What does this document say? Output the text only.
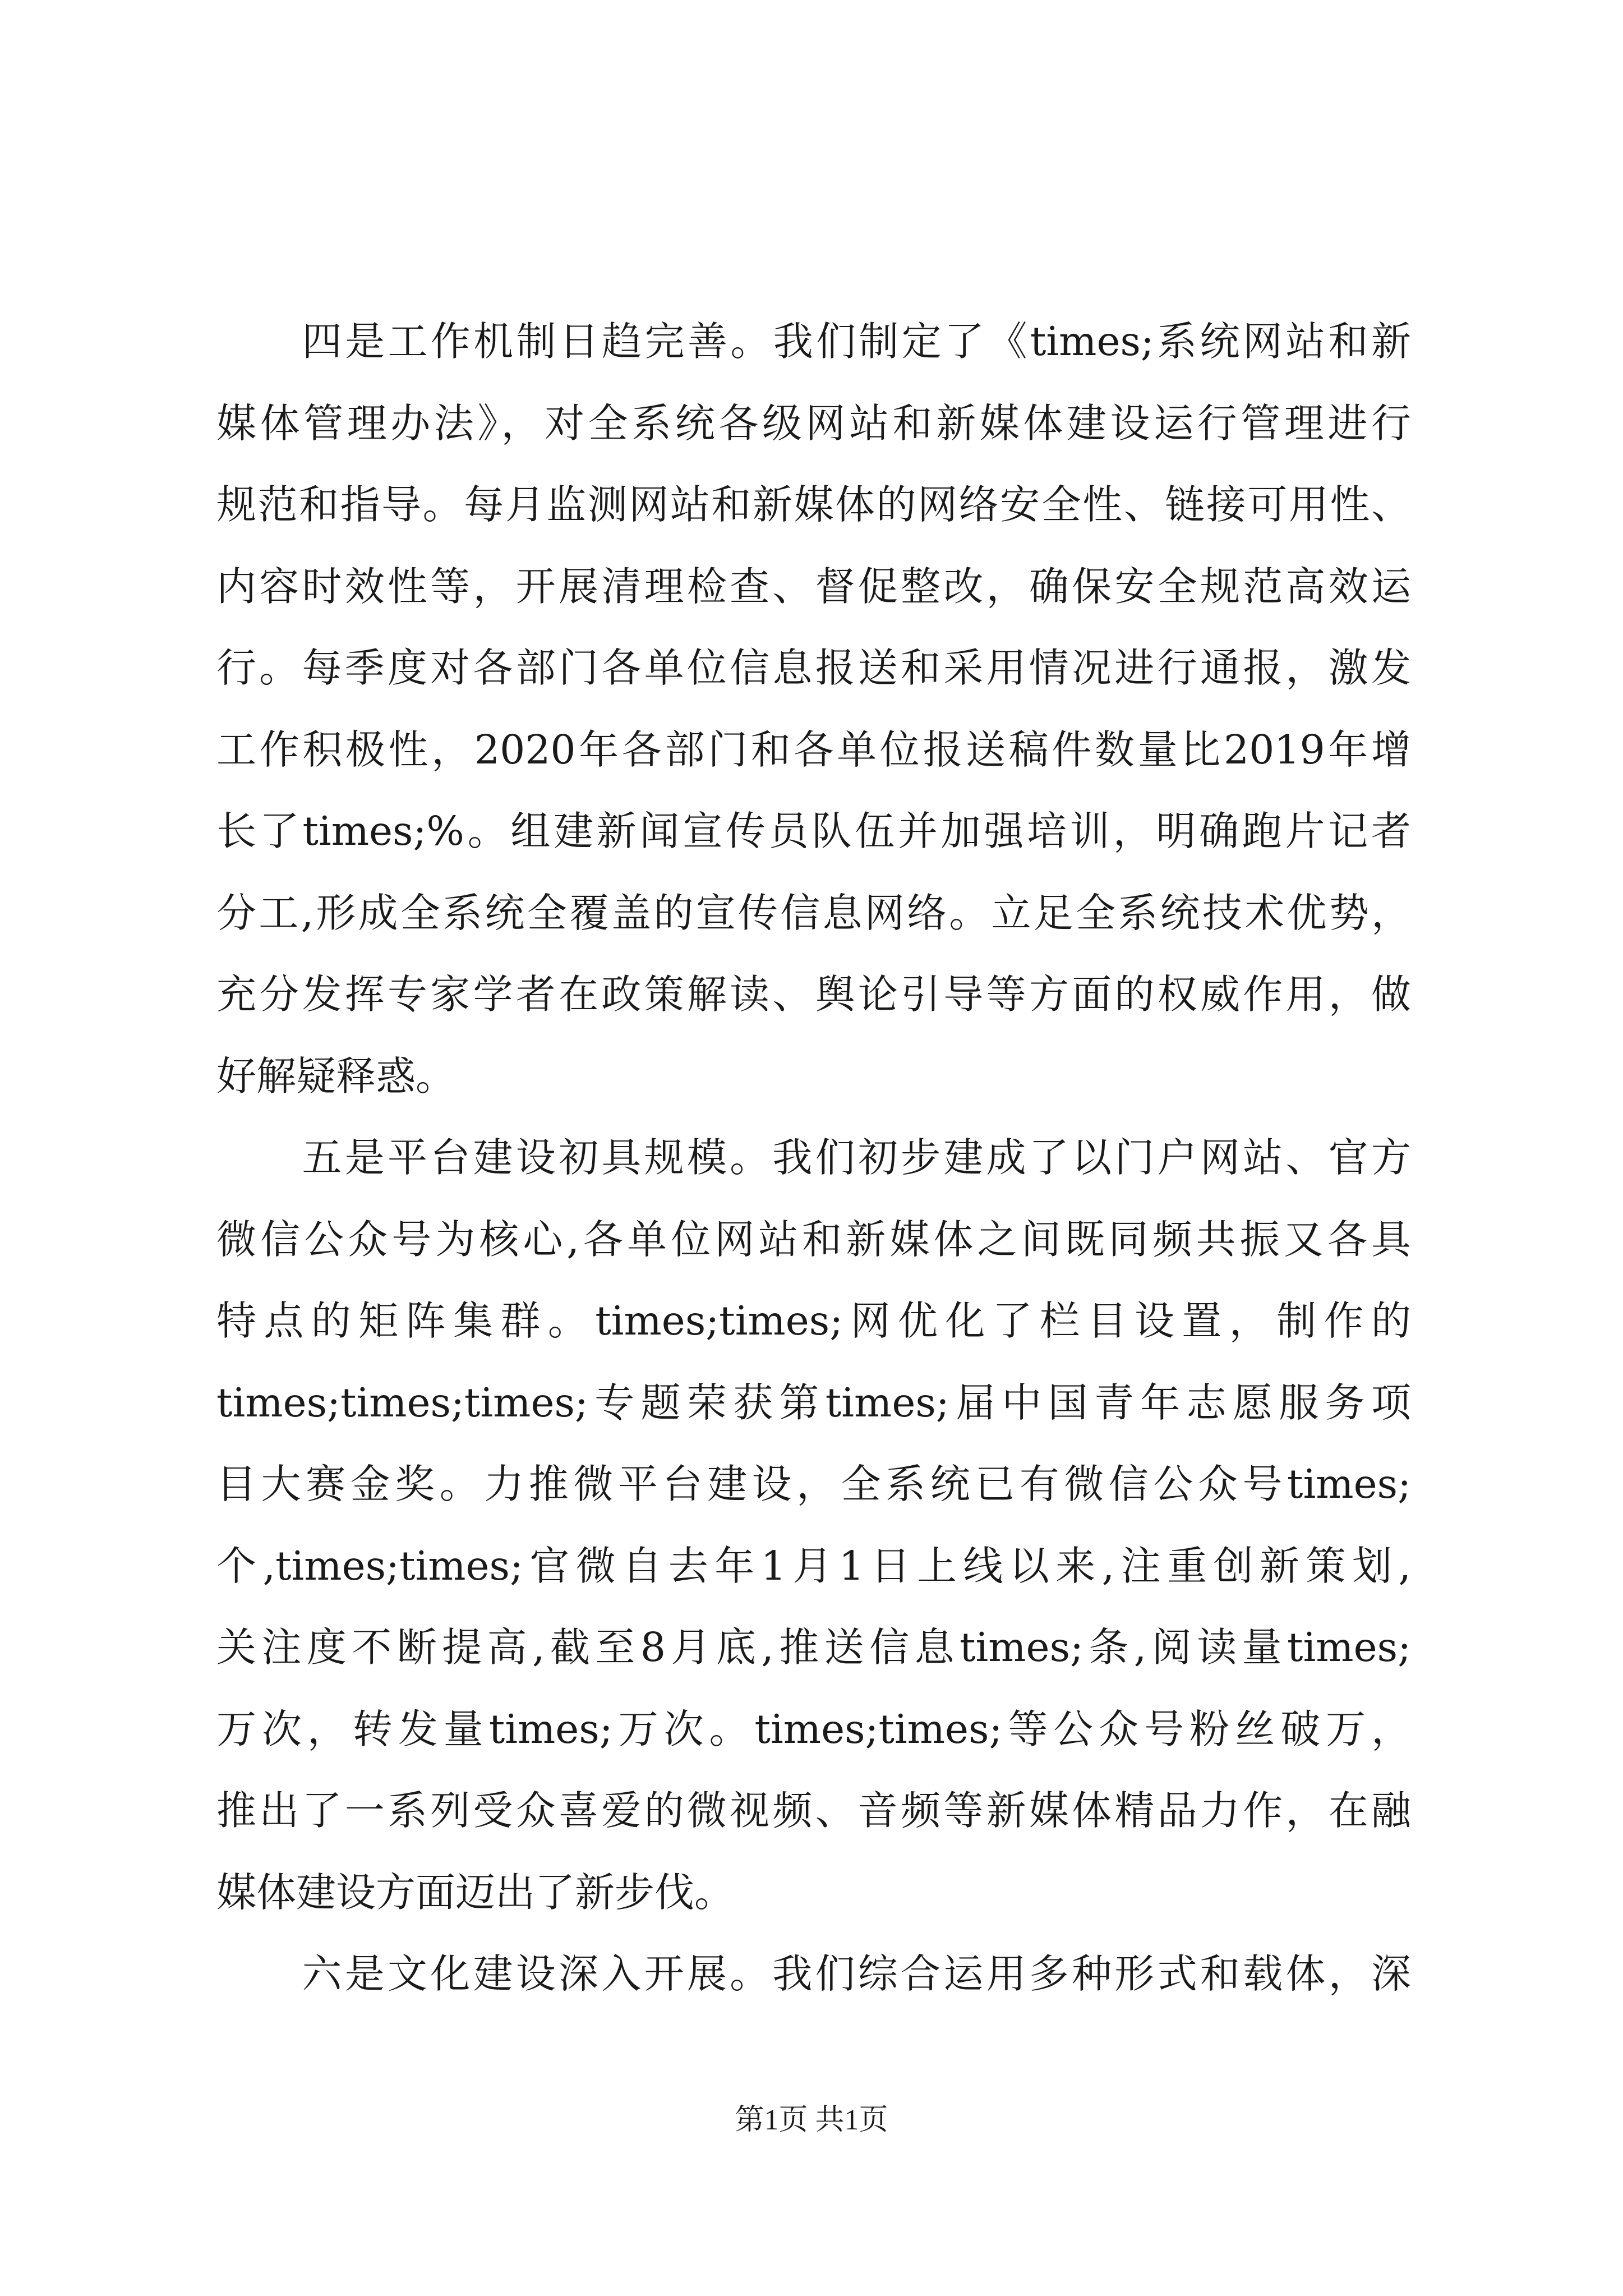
　　四是工作机制日趋完善。我们制定了《times;系统网站和新
媒体管理办法》，对全系统各级网站和新媒体建设运行管理进行
规范和指导。每月监测网站和新媒体的网络安全性、链接可用性、
内容时效性等，开展清理检查、督促整改，确保安全规范高效运
行。每季度对各部门各单位信息报送和采用情况进行通报，激发
工作积极性，2020年各部门和各单位报送稿件数量比2019年增
长了times;%。组建新闻宣传员队伍并加强培训，明确跑片记者
分工,形成全系统全覆盖的宣传信息网络。立足全系统技术优势，
充分发挥专家学者在政策解读、舆论引导等方面的权威作用，做
好解疑释惑。
　　五是平台建设初具规模。我们初步建成了以门户网站、官方
微信公众号为核心,各单位网站和新媒体之间既同频共振又各具
特点的矩阵集群。times;times;网优化了栏目设置，制作的
times;times;times;专题荣获第times;届中国青年志愿服务项
目大赛金奖。力推微平台建设，全系统已有微信公众号times;
个,times;times;官微自去年1月1日上线以来,注重创新策划,
关注度不断提高,截至8月底,推送信息times;条,阅读量times;
万次，转发量times;万次。times;times;等公众号粉丝破万，
推出了一系列受众喜爱的微视频、音频等新媒体精品力作，在融
媒体建设方面迈出了新步伐。
　　六是文化建设深入开展。我们综合运用多种形式和载体，深
第1页 共1页
